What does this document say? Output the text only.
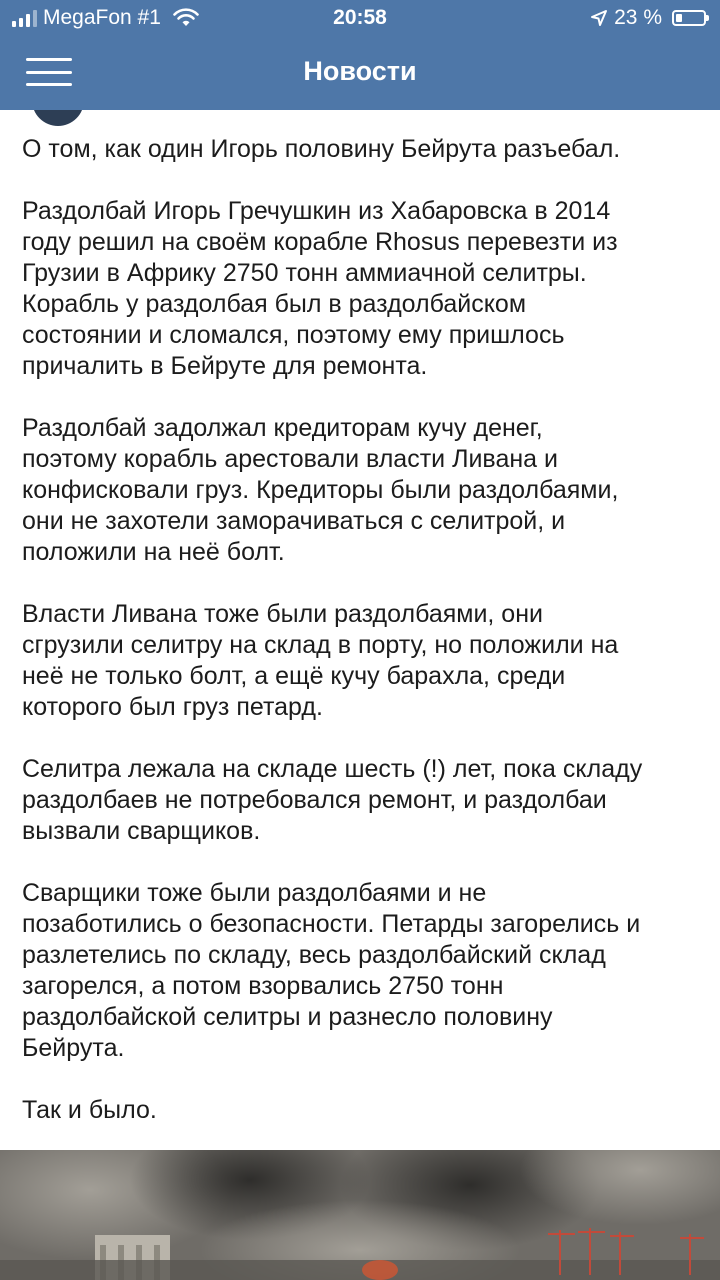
MegaFon #1	20:58	23 %
Новости

О том, как один Игорь половину Бейрута разъебал.

Раздолбай Игорь Гречушкин из Хабаровска в 2014
году решил на своём корабле Rhosus перевезти из
Грузии в Африку 2750 тонн аммиачной селитры.
Корабль у раздолбая был в раздолбайском
состоянии и сломался, поэтому ему пришлось
причалить в Бейруте для ремонта.

Раздолбай задолжал кредиторам кучу денег,
поэтому корабль арестовали власти Ливана и
конфисковали груз. Кредиторы были раздолбаями,
они не захотели заморачиваться с селитрой, и
положили на неё болт.

Власти Ливана тоже были раздолбаями, они
сгрузили селитру на склад в порту, но положили на
неё не только болт, а ещё кучу барахла, среди
которого был груз петард.

Селитра лежала на складе шесть (!) лет, пока складу
раздолбаев не потребовался ремонт, и раздолбаи
вызвали сварщиков.

Сварщики тоже были раздолбаями и не
позаботились о безопасности. Петарды загорелись и
разлетелись по складу, весь раздолбайский склад
загорелся, а потом взорвались 2750 тонн
раздолбайской селитры и разнесло половину
Бейрута.

Так и было.
